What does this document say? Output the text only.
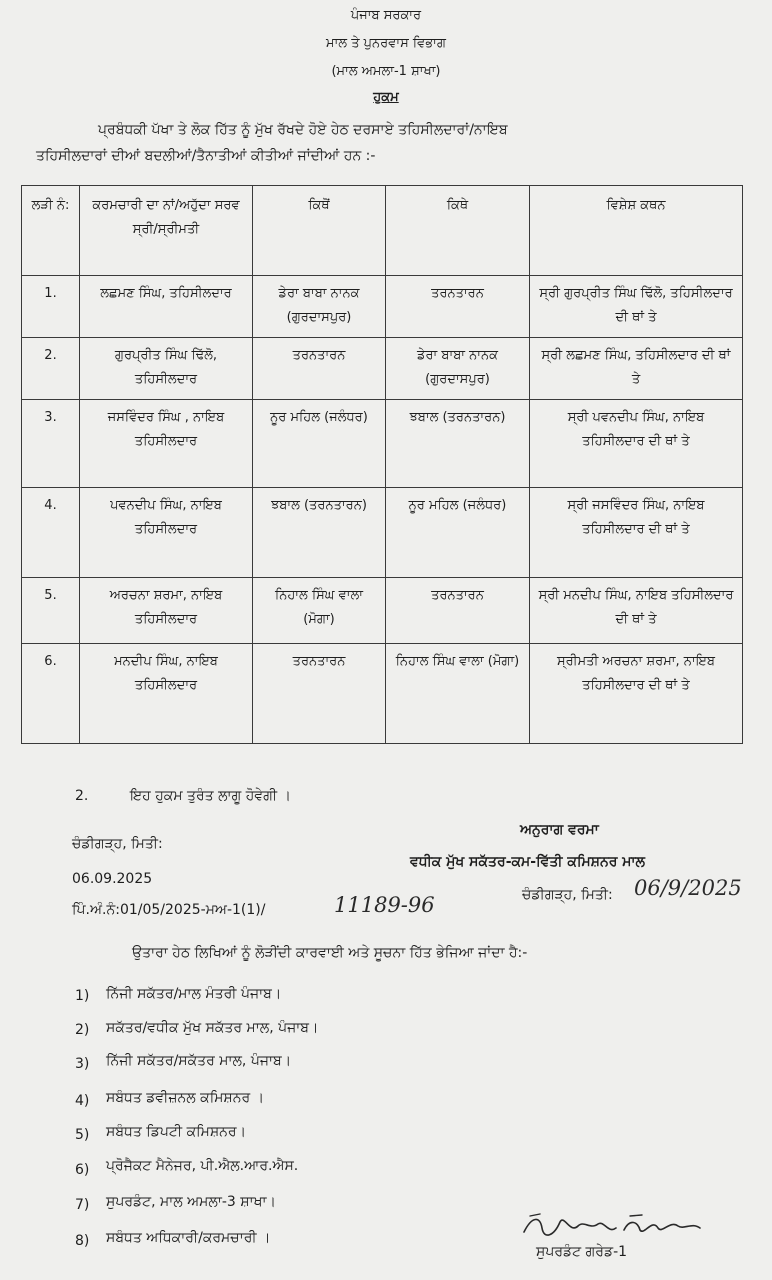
ਪੰਜਾਬ ਸਰਕਾਰ
ਮਾਲ ਤੇ ਪੁਨਰਵਾਸ ਵਿਭਾਗ
(ਮਾਲ ਅਮਲਾ-1 ਸ਼ਾਖਾ)
ਹੁਕਮ
ਪ੍ਰਬੰਧਕੀ ਪੱਖਾ ਤੇ ਲੋਕ ਹਿੱਤ ਨੂੰ ਮੁੱਖ ਰੱਖਦੇ ਹੋਏ ਹੇਠ ਦਰਸਾਏ ਤਹਿਸੀਲਦਾਰਾਂ/ਨਾਇਬ
ਤਹਿਸੀਲਦਾਰਾਂ ਦੀਆਂ ਬਦਲੀਆਂ/ਤੈਨਾਤੀਆਂ ਕੀਤੀਆਂ ਜਾਂਦੀਆਂ ਹਨ :-
ਲੜੀ ਨੰ:	ਕਰਮਚਾਰੀ ਦਾ ਨਾਂ/ਅਹੁੱਦਾ ਸਰਵ ਸ੍ਰੀ/ਸ੍ਰੀਮਤੀ	ਕਿਥੋਂ	ਕਿਥੇ	ਵਿਸ਼ੇਸ਼ ਕਥਨ
1.	ਲਛਮਣ ਸਿੰਘ, ਤਹਿਸੀਲਦਾਰ	ਡੇਰਾ ਬਾਬਾ ਨਾਨਕ (ਗੁਰਦਾਸਪੁਰ)	ਤਰਨਤਾਰਨ	ਸ੍ਰੀ ਗੁਰਪ੍ਰੀਤ ਸਿੰਘ ਢਿੱਲੋ, ਤਹਿਸੀਲਦਾਰ ਦੀ ਥਾਂ ਤੇ
2.	ਗੁਰਪ੍ਰੀਤ ਸਿੰਘ ਢਿੱਲੋ, ਤਹਿਸੀਲਦਾਰ	ਤਰਨਤਾਰਨ	ਡੇਰਾ ਬਾਬਾ ਨਾਨਕ (ਗੁਰਦਾਸਪੁਰ)	ਸ੍ਰੀ ਲਛਮਣ ਸਿੰਘ, ਤਹਿਸੀਲਦਾਰ ਦੀ ਥਾਂ ਤੇ
3.	ਜਸਵਿੰਦਰ ਸਿੰਘ , ਨਾਇਬ ਤਹਿਸੀਲਦਾਰ	ਨੂਰ ਮਹਿਲ (ਜਲੰਧਰ)	ਝਬਾਲ (ਤਰਨਤਾਰਨ)	ਸ੍ਰੀ ਪਵਨਦੀਪ ਸਿੰਘ, ਨਾਇਬ ਤਹਿਸੀਲਦਾਰ ਦੀ ਥਾਂ ਤੇ
4.	ਪਵਨਦੀਪ ਸਿੰਘ, ਨਾਇਬ ਤਹਿਸੀਲਦਾਰ	ਝਬਾਲ (ਤਰਨਤਾਰਨ)	ਨੂਰ ਮਹਿਲ (ਜਲੰਧਰ)	ਸ੍ਰੀ ਜਸਵਿੰਦਰ ਸਿੰਘ, ਨਾਇਬ ਤਹਿਸੀਲਦਾਰ ਦੀ ਥਾਂ ਤੇ
5.	ਅਰਚਨਾ ਸ਼ਰਮਾ, ਨਾਇਬ ਤਹਿਸੀਲਦਾਰ	ਨਿਹਾਲ ਸਿੰਘ ਵਾਲਾ (ਮੋਗਾ)	ਤਰਨਤਾਰਨ	ਸ੍ਰੀ ਮਨਦੀਪ ਸਿੰਘ, ਨਾਇਬ ਤਹਿਸੀਲਦਾਰ ਦੀ ਥਾਂ ਤੇ
6.	ਮਨਦੀਪ ਸਿੰਘ, ਨਾਇਬ ਤਹਿਸੀਲਦਾਰ	ਤਰਨਤਾਰਨ	ਨਿਹਾਲ ਸਿੰਘ ਵਾਲਾ (ਮੋਗਾ)	ਸ੍ਰੀਮਤੀ ਅਰਚਨਾ ਸ਼ਰਮਾ, ਨਾਇਬ ਤਹਿਸੀਲਦਾਰ ਦੀ ਥਾਂ ਤੇ
2.	ਇਹ ਹੁਕਮ ਤੁਰੰਤ ਲਾਗੂ ਹੋਵੇਗੀ ।
ਅਨੁਰਾਗ ਵਰਮਾ
ਵਧੀਕ ਮੁੱਖ ਸਕੱਤਰ-ਕਮ-ਵਿੱਤੀ ਕਮਿਸ਼ਨਰ ਮਾਲ
ਚੰਡੀਗੜ੍ਹ, ਮਿਤੀ: 06/9/2025
ਚੰਡੀਗੜ੍ਹ, ਮਿਤੀ:
06.09.2025
ਪਿੰ.ਅੰ.ਨੰ:01/05/2025-ਮਅ-1(1)/	11189-96
ਉਤਾਰਾ ਹੇਠ ਲਿਖਿਆਂ ਨੂੰ ਲੋੜੀਂਦੀ ਕਾਰਵਾਈ ਅਤੇ ਸੂਚਨਾ ਹਿੱਤ ਭੇਜਿਆ ਜਾਂਦਾ ਹੈ:-
1) ਨਿੱਜੀ ਸਕੱਤਰ/ਮਾਲ ਮੰਤਰੀ ਪੰਜਾਬ।
2) ਸਕੱਤਰ/ਵਧੀਕ ਮੁੱਖ ਸਕੱਤਰ ਮਾਲ, ਪੰਜਾਬ।
3) ਨਿੱਜੀ ਸਕੱਤਰ/ਸਕੱਤਰ ਮਾਲ, ਪੰਜਾਬ।
4) ਸਬੰਧਤ ਡਵੀਜ਼ਨਲ ਕਮਿਸ਼ਨਰ ।
5) ਸਬੰਧਤ ਡਿਪਟੀ ਕਮਿਸ਼ਨਰ।
6) ਪ੍ਰੋਜੈਕਟ ਮੈਨੇਜਰ, ਪੀ.ਐਲ.ਆਰ.ਐਸ.
7) ਸੁਪਰਡੰਟ, ਮਾਲ ਅਮਲਾ-3 ਸ਼ਾਖਾ।
8) ਸਬੰਧਤ ਅਧਿਕਾਰੀ/ਕਰਮਚਾਰੀ ।
ਸੁਪਰਡੰਟ ਗਰੇਡ-1
